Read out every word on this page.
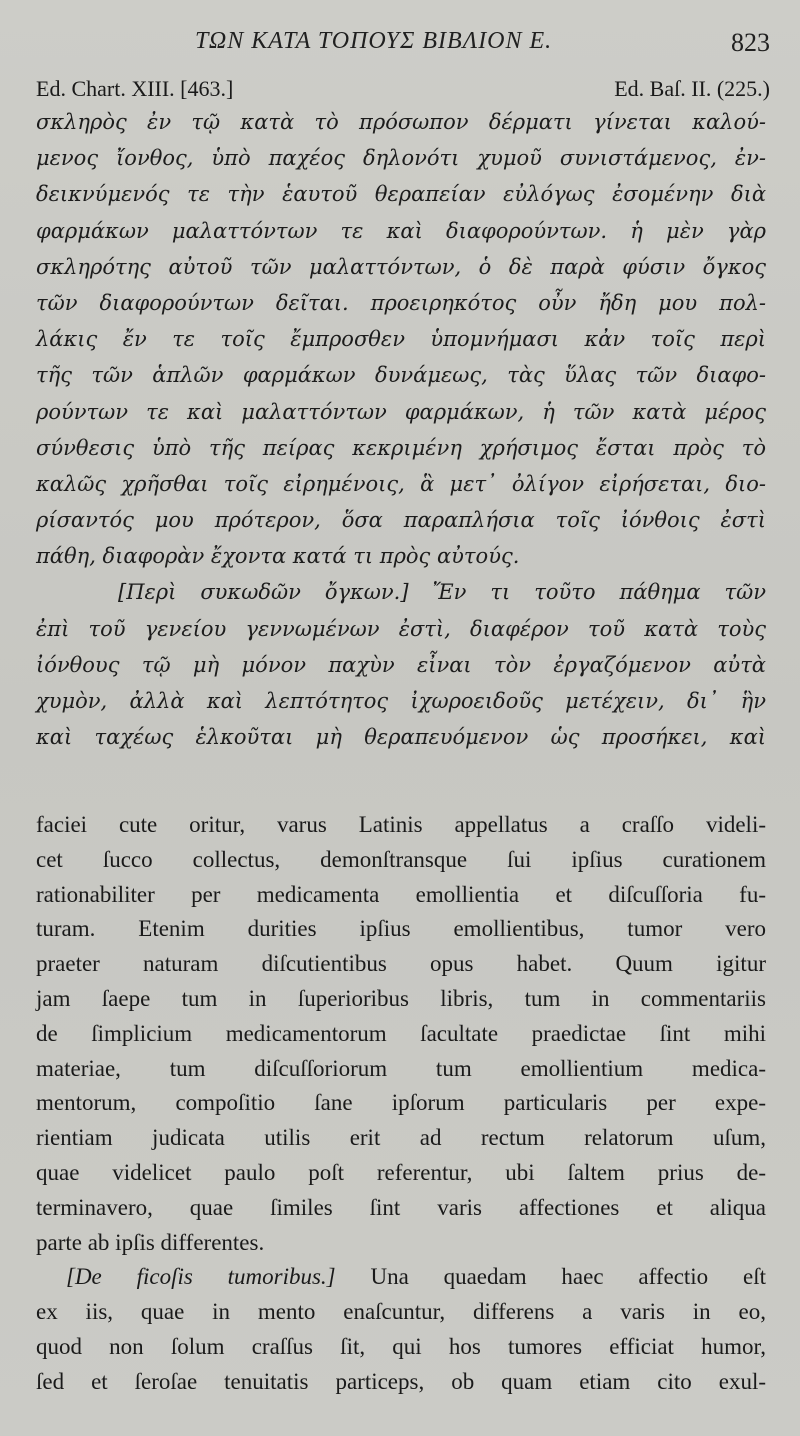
ΤΩΝ ΚΑΤΑ ΤΟΠΟΥΣ ΒΙΒΛΙΟΝ Ε.	823
Ed. Chart. XIII. [463.]	Ed. Baſ. II. (225.)
σκληρὸς ἐν τῷ κατὰ τὸ πρόσωπον δέρματι γίνεται καλού-
μενος ἴονθος, ὑπὸ παχέος δηλονότι χυμοῦ συνιστάμενος, ἐν-
δεικνύμενός τε τὴν ἑαυτοῦ θεραπείαν εὐλόγως ἐσομένην διὰ
φαρμάκων μαλαττόντων τε καὶ διαφορούντων. ἡ μὲν γὰρ
σκληρότης αὐτοῦ τῶν μαλαττόντων, ὁ δὲ παρὰ φύσιν ὄγκος
τῶν διαφορούντων δεῖται. προειρηκότος οὖν ἤδη μου πολ-
λάκις ἔν τε τοῖς ἔμπροσθεν ὑπομνήμασι κἀν τοῖς περὶ
τῆς τῶν ἁπλῶν φαρμάκων δυνάμεως, τὰς ὕλας τῶν διαφο-
ρούντων τε καὶ μαλαττόντων φαρμάκων, ἡ τῶν κατὰ μέρος
σύνθεσις ὑπὸ τῆς πείρας κεκριμένη χρήσιμος ἔσται πρὸς τὸ
καλῶς χρῆσθαι τοῖς εἰρημένοις, ἃ μετ᾽ ὀλίγον εἰρήσεται, διο-
ρίσαντός μου πρότερον, ὅσα παραπλήσια τοῖς ἰόνθοις ἐστὶ
πάθη, διαφορὰν ἔχοντα κατά τι πρὸς αὐτούς.
[Περὶ συκωδῶν ὄγκων.] Ἔν τι τοῦτο πάθημα τῶν
ἐπὶ τοῦ γενείου γεννωμένων ἐστὶ, διαφέρον τοῦ κατὰ τοὺς
ἰόνθους τῷ μὴ μόνον παχὺν εἶναι τὸν ἐργαζόμενον αὐτὰ
χυμὸν, ἀλλὰ καὶ λεπτότητος ἰχωροειδοῦς μετέχειν, δι᾽ ἣν
καὶ ταχέως ἑλκοῦται μὴ θεραπευόμενον ὡς προσήκει, καὶ
faciei cute oritur, varus Latinis appellatus a craſſo videli-
cet ſucco collectus, demonſtransque ſui ipſius curationem
rationabiliter per medicamenta emollientia et diſcuſſoria fu-
turam. Etenim durities ipſius emollientibus, tumor vero
praeter naturam diſcutientibus opus habet. Quum igitur
jam ſaepe tum in ſuperioribus libris, tum in commentariis
de ſimplicium medicamentorum ſacultate praedictae ſint mihi
materiae, tum diſcuſſoriorum tum emollientium medica-
mentorum, compoſitio ſane ipſorum particularis per expe-
rientiam judicata utilis erit ad rectum relatorum uſum,
quae videlicet paulo poſt referentur, ubi ſaltem prius de-
terminavero, quae ſimiles ſint varis affectiones et aliqua
parte ab ipſis differentes.
[De ficoſis tumoribus.] Una quaedam haec affectio eſt
ex iis, quae in mento enaſcuntur, differens a varis in eo,
quod non ſolum craſſus ſit, qui hos tumores efficiat humor,
ſed et ſeroſae tenuitatis particeps, ob quam etiam cito exul-
